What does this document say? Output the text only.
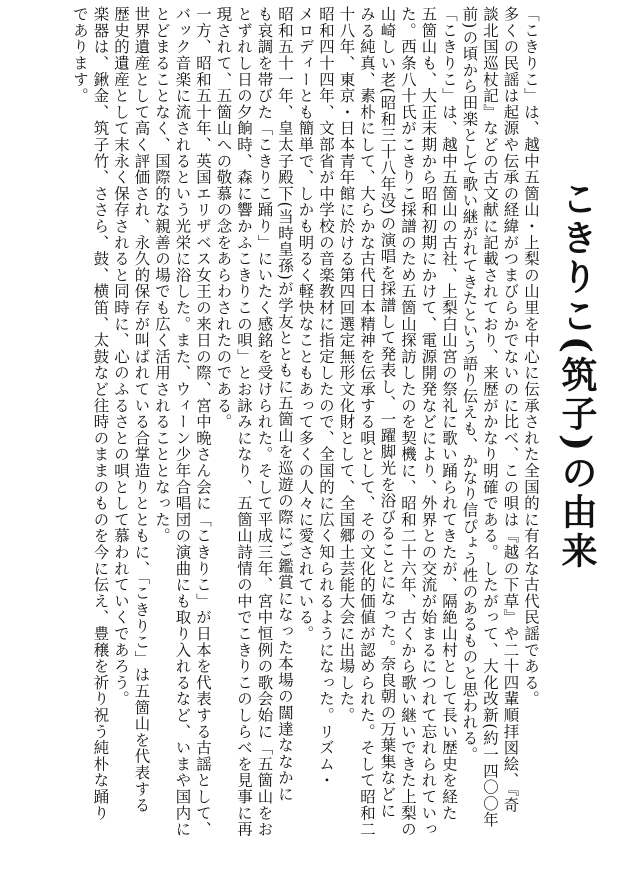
こきりこ(筑子)の由来

「こきりこ」は、越中五箇山・上梨の山里を中心に伝承された全国的に有名な古代民謡である。

多くの民謡は起源や伝承の経緯がつまびらかでないのに比べ、この唄は『越の下草』や二十四輩順拝図絵、『奇

談北国巡杖記』などの古文献に記載されており、来歴がかなり明確である。したがって、大化改新(約一四〇〇年

前)の頃から田楽として歌い継がれてきたという語り伝えも、かなり信ぴょう性のあるものと思われる。

「こきりこ」は、越中五箇山の古社、上梨白山宮の祭礼に歌い踊られてきたが、隔絶山村として長い歴史を経た

五箇山も、大正末期から昭和初期にかけて、電源開発などにより、外界との交流が始まるにつれて忘れられていっ

た。西条八十氏がこきりこ採譜のため五箇山探訪したのを契機に、昭和二十六年、古くから歌い継いできた上梨の

山崎しい老(昭和三十八年没)の演唱を採譜して発表し、一躍脚光を浴びることになった。奈良朝の万葉集などに

みる純真、素朴にして、大らかな古代日本精神を伝承する唄として、その文化的価値が認められた。そして昭和二

十八年、東京・日本青年館に於ける第四回選定無形文化財として、全国郷土芸能大会に出場した。

昭和四十四年、文部省が中学校の音楽教材に指定したので、全国的に広く知られるようになった。リズム・

メロディーとも簡単で、しかも明るく軽快なこともあって多くの人々に愛されている。

昭和五十一年、皇太子殿下(当時皇孫)が学友とともに五箇山を巡遊の際にご鑑賞になった本場の闊達ななかに

も哀調を帯びた「こきりこ踊り」にいたく感銘を受けられた。そして平成三年、宮中恒例の歌会始に「五箇山をお

とずれし日の夕餉時、森に響かふこきりこの唄」とお詠みになり、五箇山詩情の中でこきりこのしらべを見事に再

現されて、五箇山への敬慕の念をあらわされたのである。

一方、昭和五十年、英国エリザベス女王の来日の際、宮中晩さん会に「こきりこ」が日本を代表する古謡として、

バック音楽に流されるという光栄に浴した。また、ウィーン少年合唱団の演曲にも取り入れるなど、いまや国内に

とどまることなく、国際的な親善の場でも広く活用されることとなった。

世界遺産として高く評価され、永久的保存が叫ばれている合掌造りとともに、「こきりこ」は五箇山を代表する

歴史的遺産として末永く保存されると同時に、心のふるさとの唄として慕われていくであろう。

楽器は、鍬金、筑子竹、ささら、鼓、横笛、太鼓など往時のままのものを今に伝え、豊穣を祈り祝う純朴な踊り

であります。
